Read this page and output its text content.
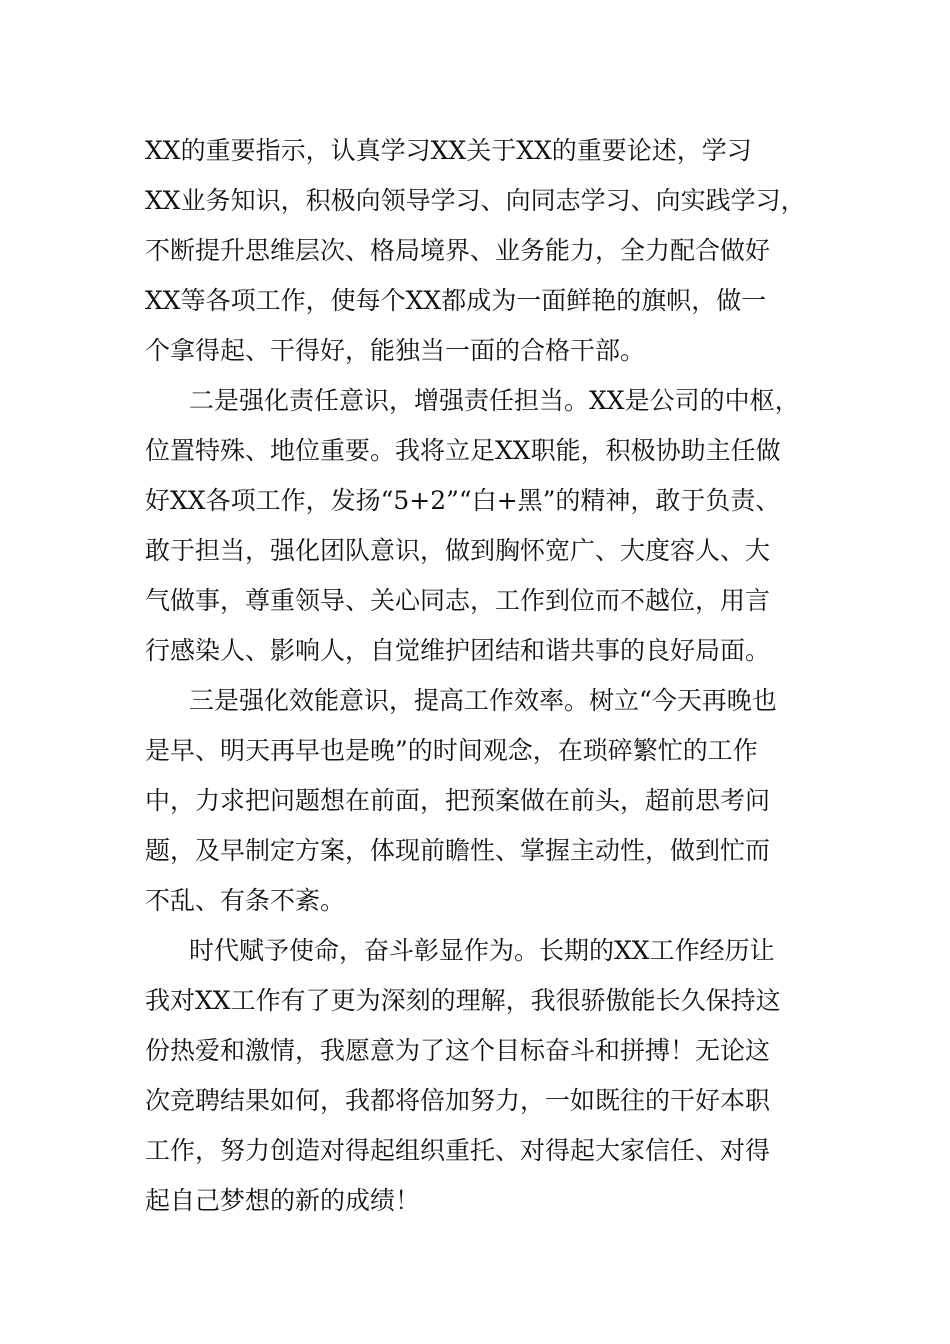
XX的重要指示，认真学习XX关于XX的重要论述，学习
XX业务知识，积极向领导学习、向同志学习、向实践学习，
不断提升思维层次、格局境界、业务能力，全力配合做好
XX等各项工作，使每个XX都成为一面鲜艳的旗帜，做一
个拿得起、干得好，能独当一面的合格干部。
二是强化责任意识，增强责任担当。XX是公司的中枢，
位置特殊、地位重要。我将立足XX职能，积极协助主任做
好XX各项工作，发扬“5+2”“白+黑”的精神，敢于负责、
敢于担当，强化团队意识，做到胸怀宽广、大度容人、大
气做事，尊重领导、关心同志，工作到位而不越位，用言
行感染人、影响人，自觉维护团结和谐共事的良好局面。
三是强化效能意识，提高工作效率。树立“今天再晚也
是早、明天再早也是晚”的时间观念，在琐碎繁忙的工作
中，力求把问题想在前面，把预案做在前头，超前思考问
题，及早制定方案，体现前瞻性、掌握主动性，做到忙而
不乱、有条不紊。
时代赋予使命，奋斗彰显作为。长期的XX工作经历让
我对XX工作有了更为深刻的理解，我很骄傲能长久保持这
份热爱和激情，我愿意为了这个目标奋斗和拼搏！无论这
次竞聘结果如何，我都将倍加努力，一如既往的干好本职
工作，努力创造对得起组织重托、对得起大家信任、对得
起自己梦想的新的成绩！
